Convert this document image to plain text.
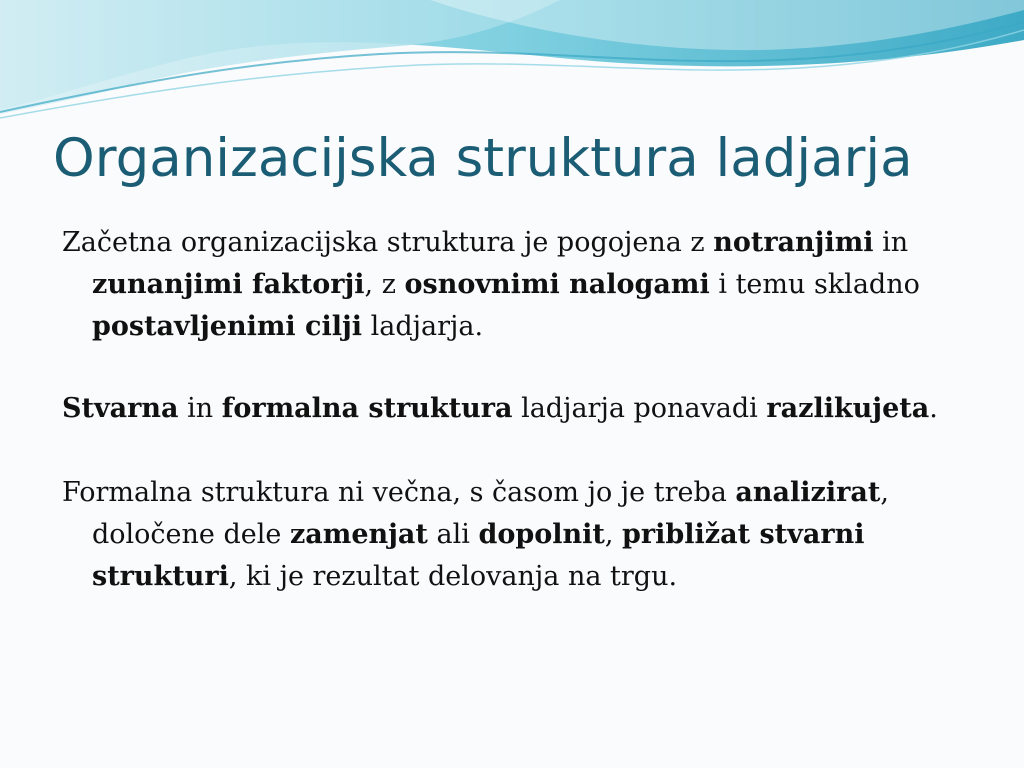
Organizacijska struktura ladjarja

Začetna organizacijska struktura je pogojena z notranjimi in zunanjimi faktorji, z osnovnimi nalogami i temu skladno postavljenimi cilji ladjarja.

Stvarna in formalna struktura ladjarja ponavadi razlikujeta.

Formalna struktura ni večna, s časom jo je treba analizirat, določene dele zamenjat ali dopolnit, približat stvarni strukturi, ki je rezultat delovanja na trgu.
